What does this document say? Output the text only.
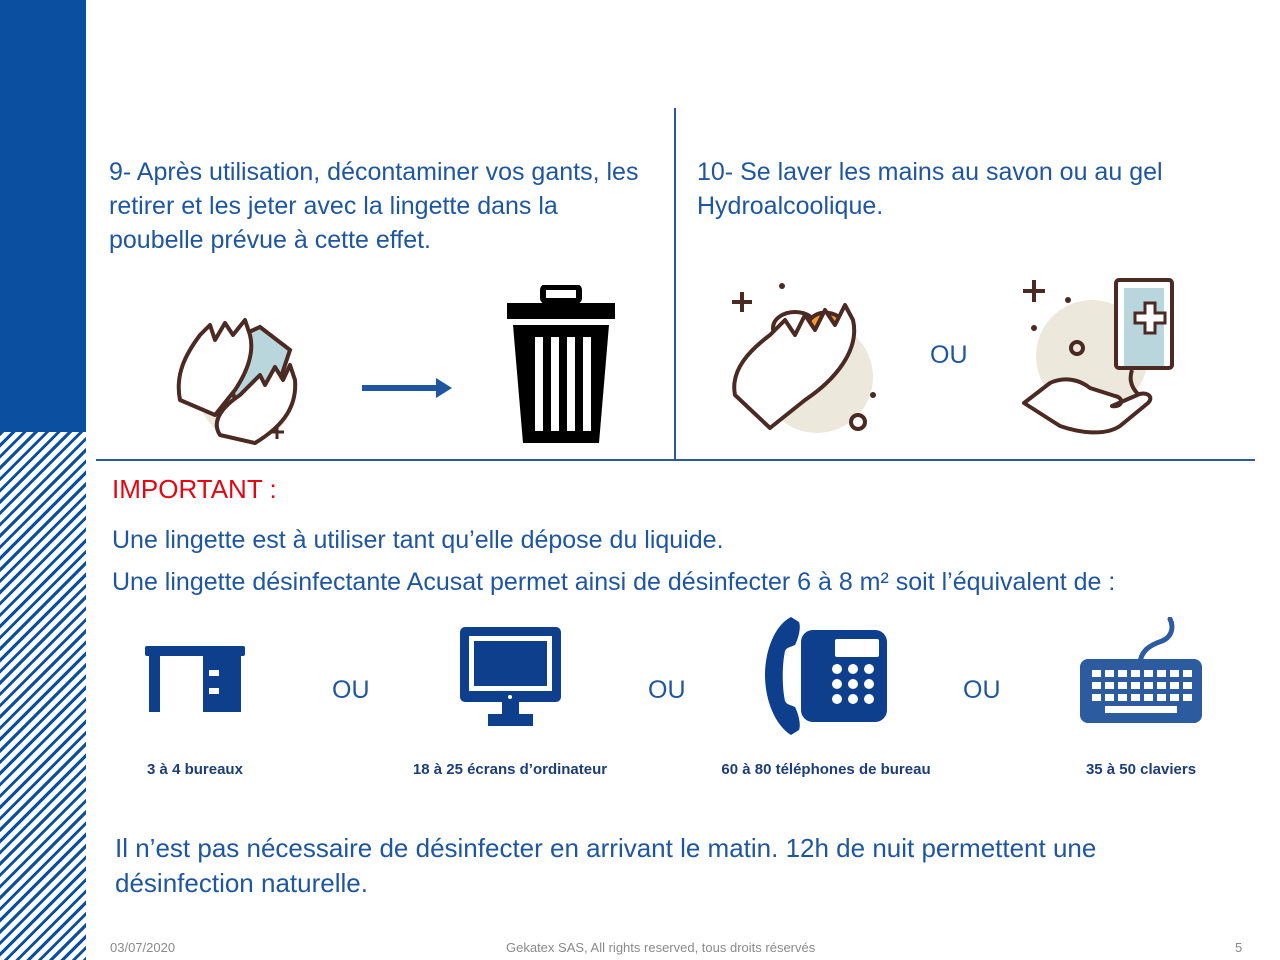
9- Après utilisation, décontaminer vos gants, les retirer et les jeter avec la lingette dans la poubelle prévue à cette effet.
10- Se laver les mains au savon ou au gel Hydroalcoolique.
OU
IMPORTANT :
Une lingette est à utiliser tant qu’elle dépose du liquide.
Une lingette désinfectante Acusat permet ainsi de désinfecter 6 à 8 m² soit l’équivalent de :
OU	OU	OU
3 à 4 bureaux	18 à 25 écrans d’ordinateur	60 à 80 téléphones de bureau	35 à 50 claviers
Il n’est pas nécessaire de désinfecter en arrivant le matin. 12h de nuit permettent une désinfection naturelle.
03/07/2020	Gekatex SAS, All rights reserved, tous droits réservés	5
